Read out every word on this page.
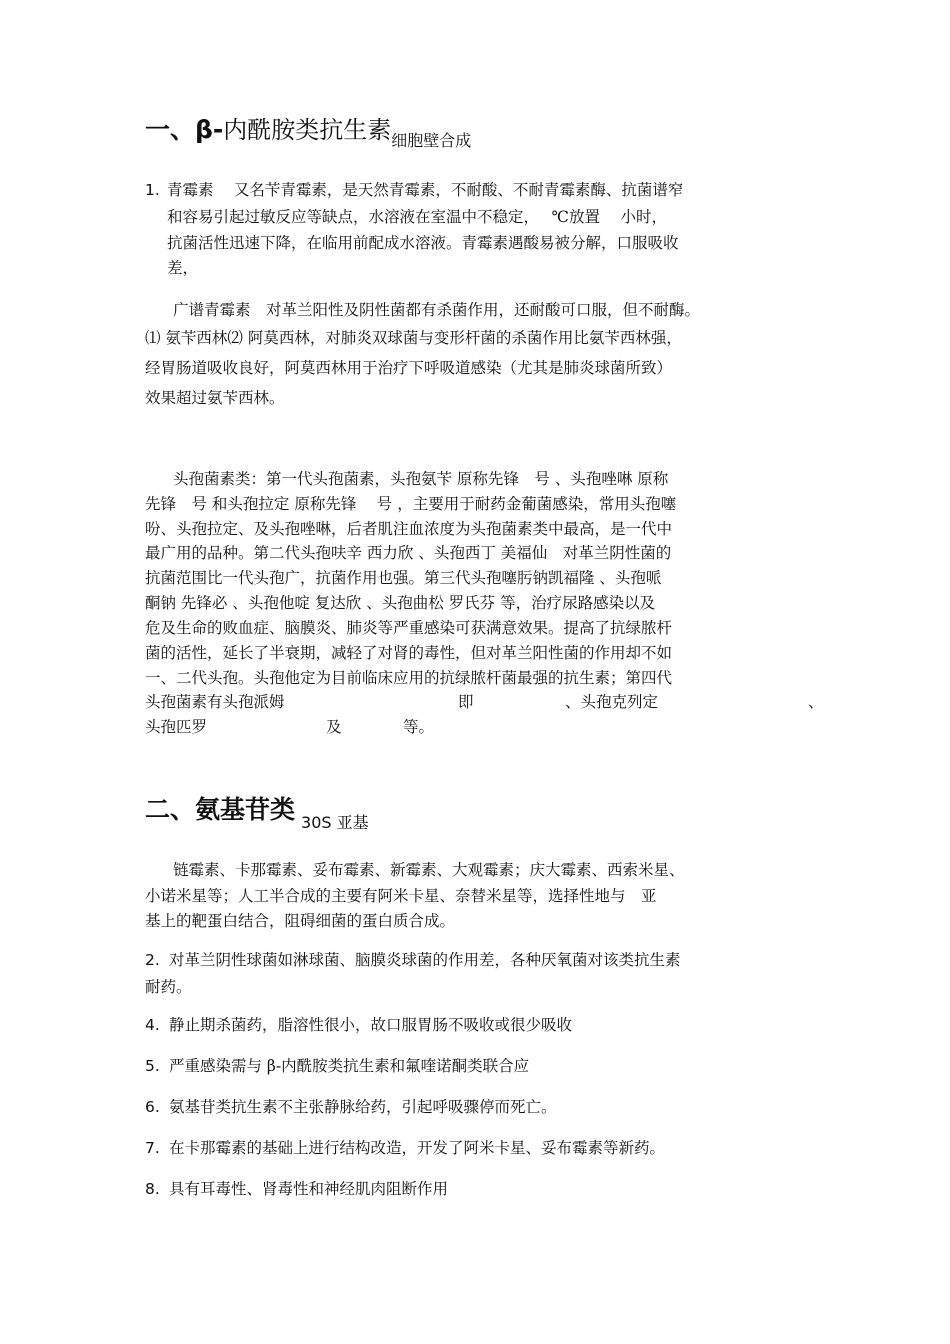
一、β-内酰胺类抗生素细胞壁合成
1. 青霉素　 又名苄青霉素，是天然青霉素，不耐酸、不耐青霉素酶、抗菌谱窄
和容易引起过敏反应等缺点，水溶液在室温中不稳定，　 ℃放置　 小时，
抗菌活性迅速下降，在临用前配成水溶液。青霉素遇酸易被分解，口服吸收
差，
广谱青霉素　对革兰阳性及阴性菌都有杀菌作用，还耐酸可口服，但不耐酶。
⑴ 氨苄西林⑵ 阿莫西林，对肺炎双球菌与变形杆菌的杀菌作用比氨苄西林强，
经胃肠道吸收良好，阿莫西林用于治疗下呼吸道感染（尤其是肺炎球菌所致）
效果超过氨苄西林。
头孢菌素类：第一代头孢菌素，头孢氨苄 原称先锋　号 、头孢唑啉 原称
先锋　号 和头孢拉定 原称先锋　 号 ，主要用于耐药金葡菌感染，常用头孢噻
吩、头孢拉定、及头孢唑啉，后者肌注血浓度为头孢菌素类中最高，是一代中
最广用的品种。第二代头孢呋辛 西力欣 、头孢西丁 美福仙　对革兰阴性菌的
抗菌范围比一代头孢广，抗菌作用也强。第三代头孢噻肟钠凯福隆 、头孢哌
酮钠 先锋必 、头孢他啶 复达欣 、头孢曲松 罗氏芬 等，治疗尿路感染以及
危及生命的败血症、脑膜炎、肺炎等严重感染可获满意效果。提高了抗绿脓杆
菌的活性，延长了半衰期，减轻了对肾的毒性，但对革兰阳性菌的作用却不如
一、二代头孢。头孢他定为目前临床应用的抗绿脓杆菌最强的抗生素；第四代
头孢菌素有头孢派姆	即	、头孢克列定	、
头孢匹罗	及	等。
二、氨基苷类 30S 亚基
链霉素、卡那霉素、妥布霉素、新霉素、大观霉素；庆大霉素、西索米星、
小诺米星等；人工半合成的主要有阿米卡星、奈替米星等，选择性地与　亚
基上的靶蛋白结合，阻碍细菌的蛋白质合成。
2. 对革兰阴性球菌如淋球菌、脑膜炎球菌的作用差，各种厌氧菌对该类抗生素
耐药。
4. 静止期杀菌药，脂溶性很小，故口服胃肠不吸收或很少吸收
5. 严重感染需与 β-内酰胺类抗生素和氟喹诺酮类联合应
6. 氨基苷类抗生素不主张静脉给药，引起呼吸骤停而死亡。
7. 在卡那霉素的基础上进行结构改造，开发了阿米卡星、妥布霉素等新药。
8. 具有耳毒性、肾毒性和神经肌肉阻断作用
